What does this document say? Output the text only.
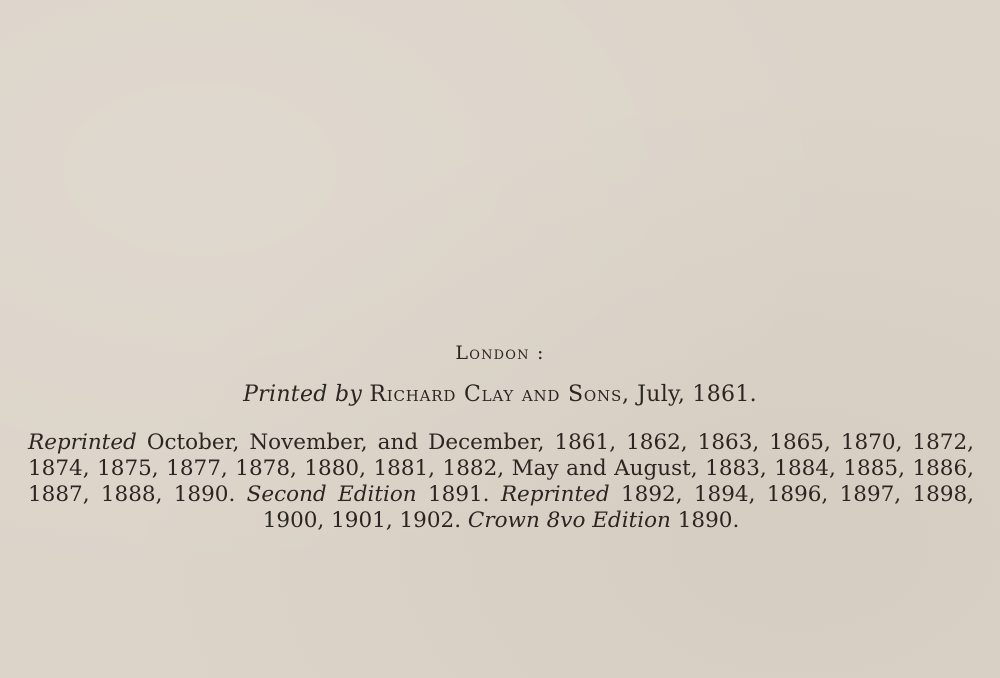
London :
Printed by Richard Clay and Sons, July, 1861.
Reprinted October, November, and December, 1861, 1862, 1863, 1865, 1870, 1872, 1874, 1875, 1877, 1878, 1880, 1881, 1882, May and August, 1883, 1884, 1885, 1886, 1887, 1888, 1890. Second Edition 1891. Reprinted 1892, 1894, 1896, 1897, 1898, 1900, 1901, 1902. Crown 8vo Edition 1890.
